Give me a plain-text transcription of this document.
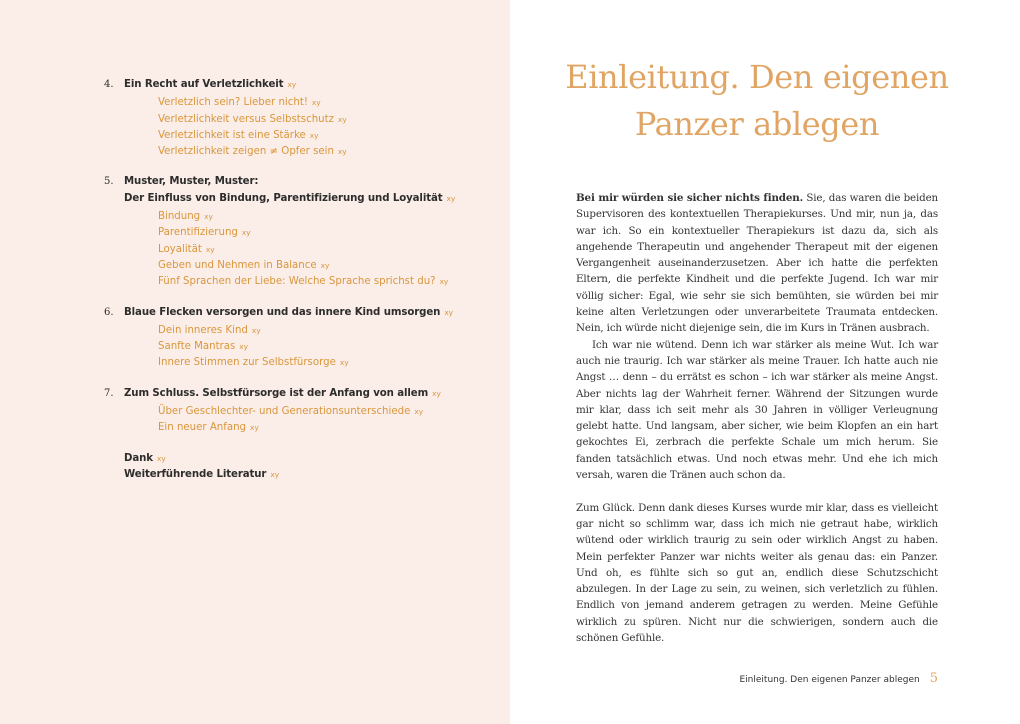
4.	Ein Recht auf Verletzlichkeit xy
Verletzlich sein? Lieber nicht! xy
Verletzlichkeit versus Selbstschutz xy
Verletzlichkeit ist eine Stärke xy
Verletzlichkeit zeigen ≠ Opfer sein xy
5.	Muster, Muster, Muster:
Der Einfluss von Bindung, Parentifizierung und Loyalität xy
Bindung xy
Parentifizierung xy
Loyalität xy
Geben und Nehmen in Balance xy
Fünf Sprachen der Liebe: Welche Sprache sprichst du? xy
6.	Blaue Flecken versorgen und das innere Kind umsorgen xy
Dein inneres Kind xy
Sanfte Mantras xy
Innere Stimmen zur Selbstfürsorge xy
7.	Zum Schluss. Selbstfürsorge ist der Anfang von allem xy
Über Geschlechter- und Generationsunterschiede xy
Ein neuer Anfang xy
Dank xy
Weiterführende Literatur xy
Einleitung. Den eigenen Panzer ablegen

Bei mir würden sie sicher nichts finden. Sie, das waren die beiden Supervisoren des kontextuellen Therapiekurses. Und mir, nun ja, das war ich. So ein kontextueller Therapiekurs ist dazu da, sich als angehende Therapeutin und angehender Therapeut mit der eigenen Vergangenheit auseinanderzusetzen. Aber ich hatte die perfekten Eltern, die perfekte Kindheit und die perfekte Jugend. Ich war mir völlig sicher: Egal, wie sehr sie sich bemühten, sie würden bei mir keine alten Verletzungen oder unverarbeitete Traumata entdecken. Nein, ich würde nicht diejenige sein, die im Kurs in Tränen ausbrach.

Ich war nie wütend. Denn ich war stärker als meine Wut. Ich war auch nie traurig. Ich war stärker als meine Trauer. Ich hatte auch nie Angst … denn – du errätst es schon – ich war stärker als meine Angst. Aber nichts lag der Wahrheit ferner. Während der Sitzungen wurde mir klar, dass ich seit mehr als 30 Jahren in völliger Verleugnung gelebt hatte. Und langsam, aber sicher, wie beim Klopfen an ein hart gekochtes Ei, zerbrach die perfekte Schale um mich herum. Sie fanden tatsächlich etwas. Und noch etwas mehr. Und ehe ich mich versah, waren die Tränen auch schon da.

Zum Glück. Denn dank dieses Kurses wurde mir klar, dass es vielleicht gar nicht so schlimm war, dass ich mich nie getraut habe, wirklich wütend oder wirklich traurig zu sein oder wirklich Angst zu haben. Mein perfekter Panzer war nichts weiter als genau das: ein Panzer. Und oh, es fühlte sich so gut an, endlich diese Schutzschicht abzulegen. In der Lage zu sein, zu weinen, sich verletzlich zu fühlen. Endlich von jemand anderem getragen zu werden. Meine Gefühle wirklich zu spüren. Nicht nur die schwierigen, sondern auch die schönen Gefühle.

Einleitung. Den eigenen Panzer ablegen 5
